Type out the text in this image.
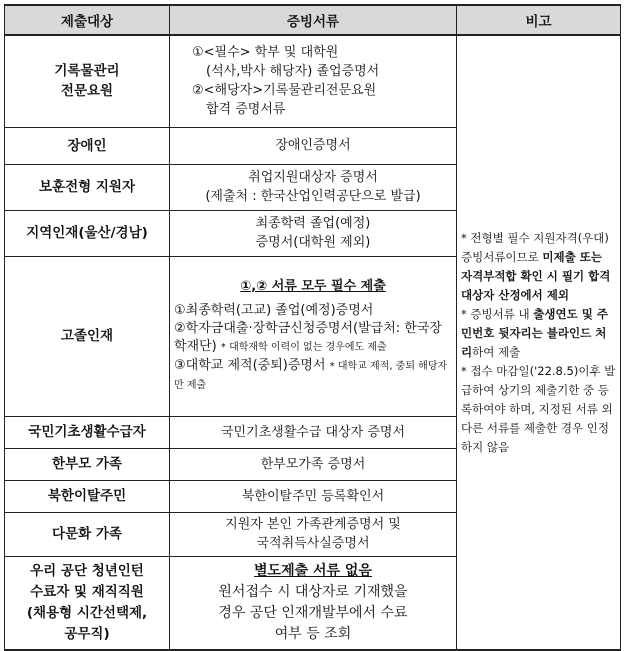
제출대상	증빙서류	비고
기록물관리
전문요원	①<필수> 학부 및 대학원
(석사,박사 해당자) 졸업증명서
②<해당자>기록물관리전문요원
합격 증명서류	* 전형별 필수 지원자격(우대)증빙서류이므로 미제출 또는 자격부적합 확인 시 필기 합격 대상자 산정에서 제외
* 증빙서류 내 출생연도 및 주민번호 뒷자리는 블라인드 처리하여 제출
* 접수 마감일('22.8.5)이후 발급하여 상기의 제출기한 중 등록하여야 하며, 지정된 서류 외 다른 서류를 제출한 경우 인정하지 않음

장애인	장애인증명서	
보훈전형 지원자	취업지원대상자 증명서
(제출처 : 한국산업인력공단으로 발급)	
지역인재(울산/경남)	최종학력 졸업(예정)
증명서(대학원 제외)	
고졸인재	①,② 서류 모두 필수 제출
①최종학력(고교) 졸업(예정)증명서
②학자금대출·장학금신청증명서(발급처: 한국장학재단) * 대학재학 이력이 없는 경우에도 제출
③대학교 제적(중퇴)증명서 * 대학교 제적, 중퇴 해당자만 제출	

국민기초생활수급자	국민기초생활수급 대상자 증명서	
한부모 가족	한부모가족 증명서	
북한이탈주민	북한이탈주민 등록확인서	
다문화 가족	지원자 본인 가족관계증명서 및
국적취득사실증명서	
우리 공단 청년인턴
수료자 및 재직직원
(채용형 시간선택제,
공무직)	별도제출 서류 없음
원서접수 시 대상자로 기재했을
경우 공단 인재개발부에서 수료
여부 등 조회	
